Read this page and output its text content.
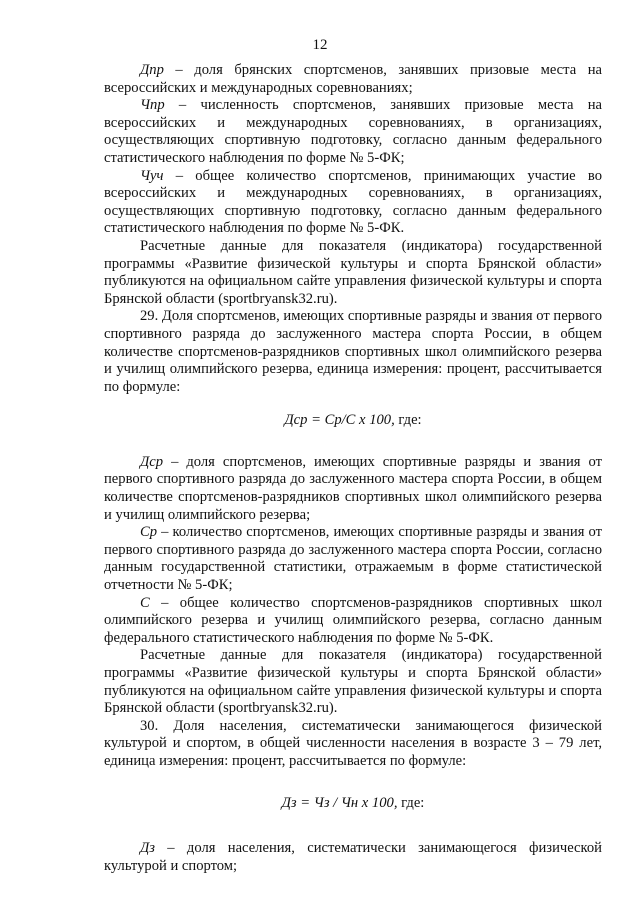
12

Дпр – доля брянских спортсменов, занявших призовые места на всероссийских и международных соревнованиях;

Чпр – численность спортсменов, занявших призовые места на всероссийских и международных соревнованиях, в организациях, осуществляющих спортивную подготовку, согласно данным федерального статистического наблюдения по форме № 5-ФК;

Чуч – общее количество спортсменов, принимающих участие во всероссийских и международных соревнованиях, в организациях, осуществляющих спортивную подготовку, согласно данным федерального статистического наблюдения по форме № 5-ФК.

Расчетные данные для показателя (индикатора) государственной программы «Развитие физической культуры и спорта Брянской области» публикуются на официальном сайте управления физической культуры и спорта Брянской области (sportbryansk32.ru).

29. Доля спортсменов, имеющих спортивные разряды и звания от первого спортивного разряда до заслуженного мастера спорта России, в общем количестве спортсменов-разрядников спортивных школ олимпийского резерва и училищ олимпийского резерва, единица измерения: процент, рассчитывается по формуле:

Дср = Ср/С х 100, где:

Дср – доля спортсменов, имеющих спортивные разряды и звания от первого спортивного разряда до заслуженного мастера спорта России, в общем количестве спортсменов-разрядников спортивных школ олимпийского резерва и училищ олимпийского резерва;

Ср – количество спортсменов, имеющих спортивные разряды и звания от первого спортивного разряда до заслуженного мастера спорта России, согласно данным государственной статистики, отражаемым в форме статистической отчетности № 5-ФК;

С – общее количество спортсменов-разрядников спортивных школ олимпийского резерва и училищ олимпийского резерва, согласно данным федерального статистического наблюдения по форме № 5-ФК.

Расчетные данные для показателя (индикатора) государственной программы «Развитие физической культуры и спорта Брянской области» публикуются на официальном сайте управления физической культуры и спорта Брянской области (sportbryansk32.ru).

30. Доля населения, систематически занимающегося физической культурой и спортом, в общей численности населения в возрасте 3 – 79 лет, единица измерения: процент, рассчитывается по формуле:

Дз = Чз / Чн х 100, где:

Дз – доля населения, систематически занимающегося физической культурой и спортом;
